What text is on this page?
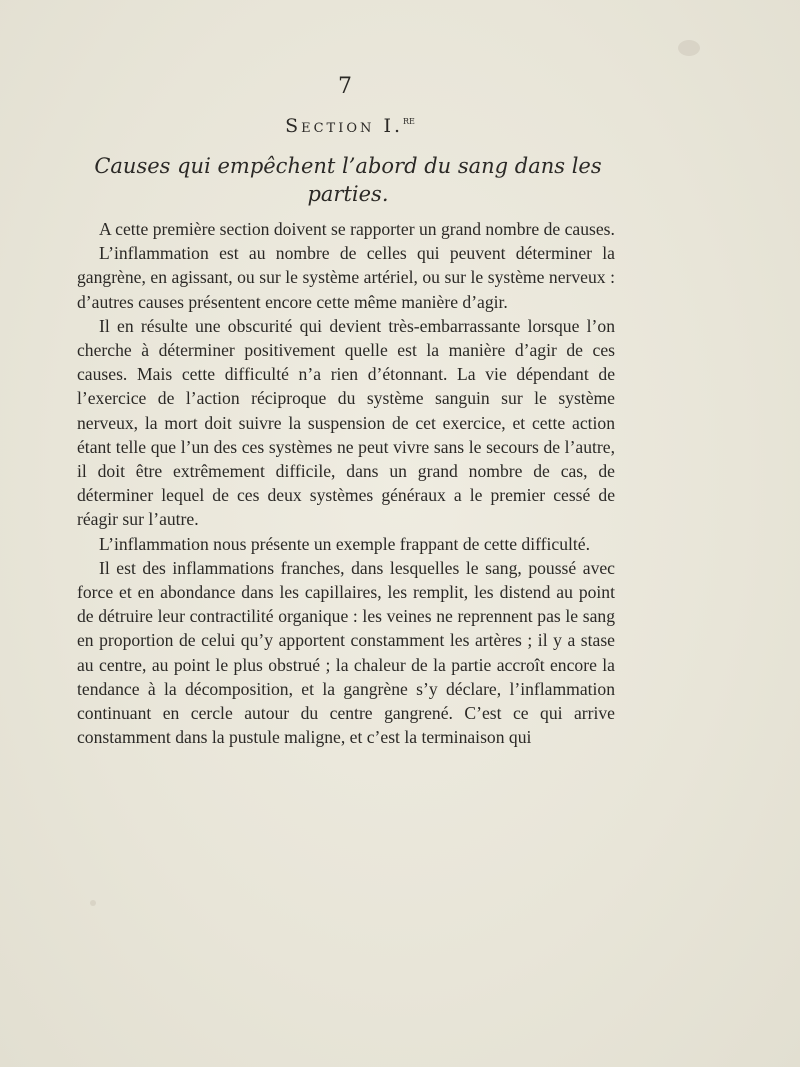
7
Section I.$^{re}$
Causes qui empêchent l’abord du sang dans les parties.

A cette première section doivent se rapporter un grand nombre de causes.

L’inflammation est au nombre de celles qui peuvent déterminer la gangrène, en agissant, ou sur le système artériel, ou sur le système nerveux : d’autres causes présentent encore cette même manière d’agir.

Il en résulte une obscurité qui devient très-embarrassante lorsque l’on cherche à déterminer positivement quelle est la manière d’agir de ces causes. Mais cette difficulté n’a rien d’étonnant. La vie dépendant de l’exercice de l’action réciproque du système sanguin sur le système nerveux, la mort doit suivre la suspension de cet exercice, et cette action étant telle que l’un des ces systèmes ne peut vivre sans le secours de l’autre, il doit être extrêmement difficile, dans un grand nombre de cas, de déterminer lequel de ces deux systèmes généraux a le premier cessé de réagir sur l’autre.

L’inflammation nous présente un exemple frappant de cette difficulté.

Il est des inflammations franches, dans lesquelles le sang, poussé avec force et en abondance dans les capillaires, les remplit, les distend au point de détruire leur contractilité organique : les veines ne reprennent pas le sang en proportion de celui qu’y apportent constamment les artères ; il y a stase au centre, au point le plus obstrué ; la chaleur de la partie accroît encore la tendance à la décomposition, et la gangrène s’y déclare, l’inflammation continuant en cercle autour du centre gangrené. C’est ce qui arrive constamment dans la pustule maligne, et c’est la terminaison qui
